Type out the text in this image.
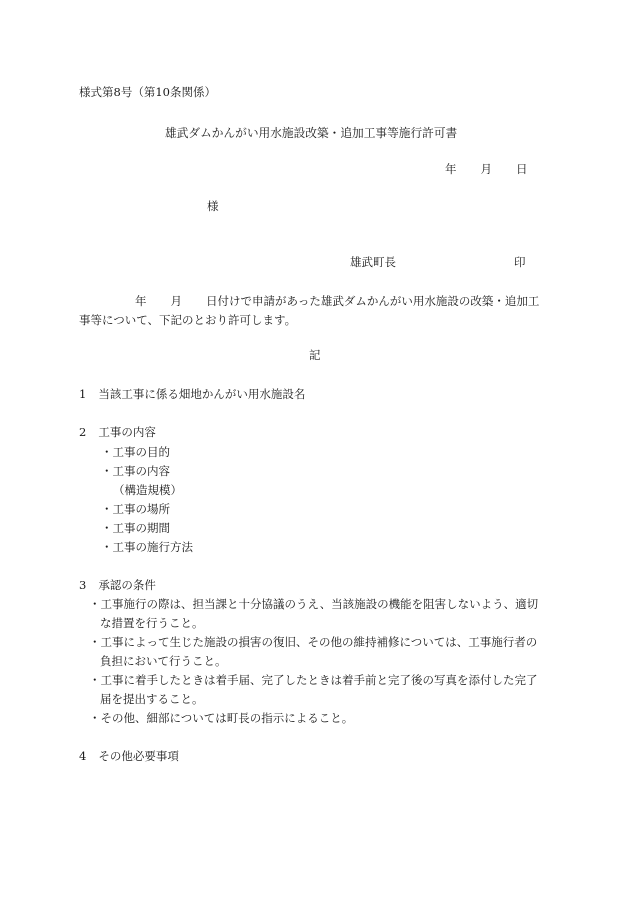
様式第8号（第10条関係）
雄武ダムかんがい用水施設改築・追加工事等施行許可書
年 月 日
様
雄武町長	印
年 月 日付けで申請があった雄武ダムかんがい用水施設の改築・追加工
事等について、下記のとおり許可します。
記
1 当該工事に係る畑地かんがい用水施設名
2 工事の内容
・工事の目的
・工事の内容
（構造規模）
・工事の場所
・工事の期間
・工事の施行方法
3 承認の条件
・工事施行の際は、担当課と十分協議のうえ、当該施設の機能を阻害しないよう、適切
な措置を行うこと。
・工事によって生じた施設の損害の復旧、その他の維持補修については、工事施行者の
負担において行うこと。
・工事に着手したときは着手届、完了したときは着手前と完了後の写真を添付した完了
届を提出すること。
・その他、細部については町長の指示によること。
4 その他必要事項
